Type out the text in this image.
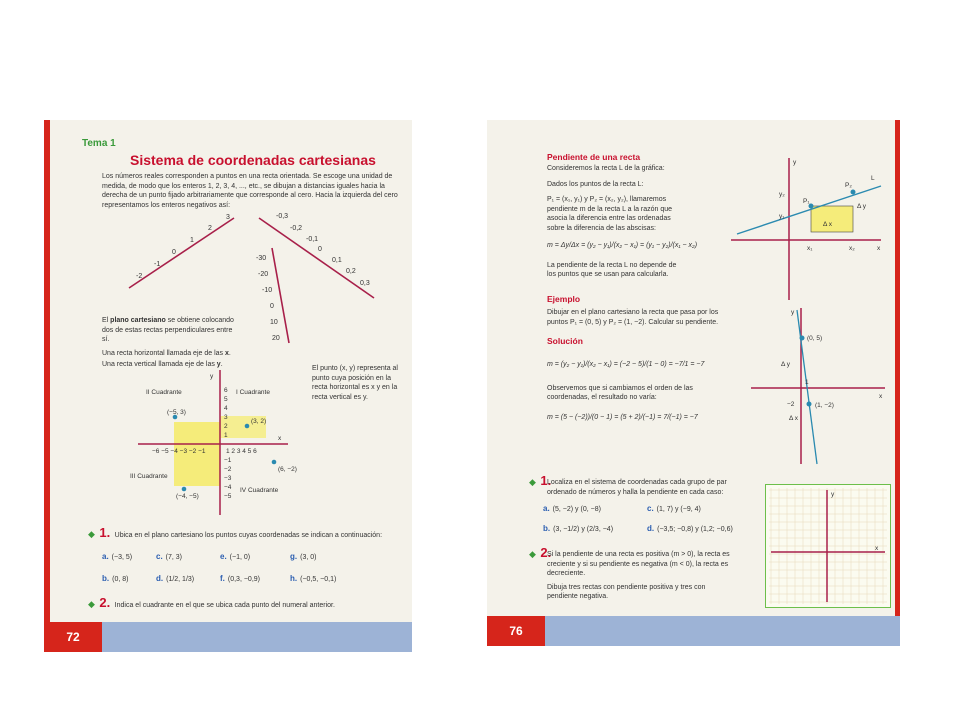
Tema 1
Sistema de coordenadas cartesianas
Los números reales corresponden a puntos en una recta orientada. Se escoge una unidad de
medida, de modo que los enteros 1, 2, 3, 4, ..., etc., se dibujan a distancias iguales hacia la
derecha de un punto fijado arbitrariamente que corresponde al cero. Hacia la izquierda del cero
representamos los enteros negativos así:
-2
-1
0
1
2
3	-0,3
-0,2
-0,1
0
0,1
0,2
0,3
-30
-20
-10
0
10
20
El plano cartesiano se obtiene colocando
dos de estas rectas perpendiculares entre
sí.
Una recta horizontal llamada eje de las x.
Una recta vertical llamada eje de las y.
El punto (x, y) representa al
punto cuya posición en la
recta horizontal es x y en la
recta vertical es y.
x
y
I Cuadrante
II Cuadrante
III Cuadrante
IV Cuadrante
−6 −5 −4 −3 −2 −1	1 2 3 4 5 6
6
5
4
3
2
1
−1
−2
−3
−4
−5
(−5, 3)
(3, 2)
(6, −2)
(−4, −5)
◆ 1. Ubica en el plano cartesiano los puntos cuyas coordenadas se indican a continuación:
a. (−3, 5)	c. (7, 3)	e. (−1, 0)	g. (3, 0)
b. (0, 8)	d. (1/2, 1/3)	f. (0,3, −0,9)	h. (−0,5, −0,1)
◆ 2. Indica el cuadrante en el que se ubica cada punto del numeral anterior.
72
Pendiente de una recta
Consideremos la recta L de la gráfica:
Dados los puntos de la recta L:
P₁ = (x₁, y₁) y P₂ = (x₂, y₂), llamaremos
pendiente m de la recta L a la razón que
asocia la diferencia entre las ordenadas
sobre la diferencia de las abscisas:
m = Δy/Δx = (y₂ − y₁)/(x₂ − x₁) = (y₁ − y₂)/(x₁ − x₂)
La pendiente de la recta L no depende de
los puntos que se usan para calcularla.
L
P₁
P₂
Δ x
Δ y
x₁	x₂
y₁
y₂
x
y
Ejemplo
Dibujar en el plano cartesiano la recta que pasa por los
puntos P₁ = (0, 5) y P₂ = (1, −2). Calcular su pendiente.
Solución
m = (y₂ − y₁)/(x₂ − x₁) = (−2 − 5)/(1 − 0) = −7/1 = −7
Observemos que si cambiamos el orden de las
coordenadas, el resultado no varía:
m = (5 − (−2))/(0 − 1) = (5 + 2)/(−1) = 7/(−1) = −7
(0, 5)
(1, −2)
Δ y
Δ x
1
−2
x
y
◆ 1.
Localiza en el sistema de coordenadas cada grupo de par
ordenado de números y halla la pendiente en cada caso:
a. (5, −2) y (0, −8)	c. (1, 7) y (−9, 4)
b. (3, −1/2) y (2/3, −4)	d. (−3,5; −0,8) y (1,2; −0,6)
◆ 2.
Si la pendiente de una recta es positiva (m > 0), la recta es
creciente y si su pendiente es negativa (m < 0), la recta es
decreciente.
Dibuja tres rectas con pendiente positiva y tres con
pendiente negativa.
x
y
76
